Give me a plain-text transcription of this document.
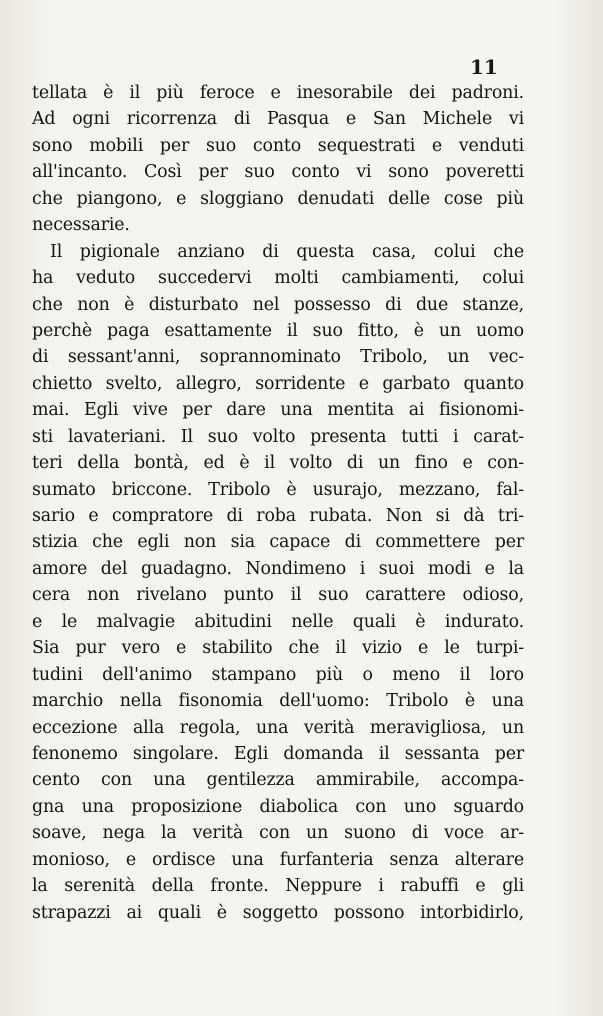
11
tellata è il più feroce e inesorabile dei padroni.
Ad ogni ricorrenza di Pasqua e San Michele vi
sono mobili per suo conto sequestrati e venduti
all'incanto. Così per suo conto vi sono poveretti
che piangono, e sloggiano denudati delle cose più
necessarie.
Il pigionale anziano di questa casa, colui che
ha veduto succedervi molti cambiamenti, colui
che non è disturbato nel possesso di due stanze,
perchè paga esattamente il suo fitto, è un uomo
di sessant'anni, soprannominato Tribolo, un vec-
chietto svelto, allegro, sorridente e garbato quanto
mai. Egli vive per dare una mentita ai fisionomi-
sti lavateriani. Il suo volto presenta tutti i carat-
teri della bontà, ed è il volto di un fino e con-
sumato briccone. Tribolo è usurajo, mezzano, fal-
sario e compratore di roba rubata. Non si dà tri-
stizia che egli non sia capace di commettere per
amore del guadagno. Nondimeno i suoi modi e la
cera non rivelano punto il suo carattere odioso,
e le malvagie abitudini nelle quali è indurato.
Sia pur vero e stabilito che il vizio e le turpi-
tudini dell'animo stampano più o meno il loro
marchio nella fisonomia dell'uomo: Tribolo è una
eccezione alla regola, una verità meravigliosa, un
fenonemo singolare. Egli domanda il sessanta per
cento con una gentilezza ammirabile, accompa-
gna una proposizione diabolica con uno sguardo
soave, nega la verità con un suono di voce ar-
monioso, e ordisce una furfanteria senza alterare
la serenità della fronte. Neppure i rabuffi e gli
strapazzi ai quali è soggetto possono intorbidirlo,
